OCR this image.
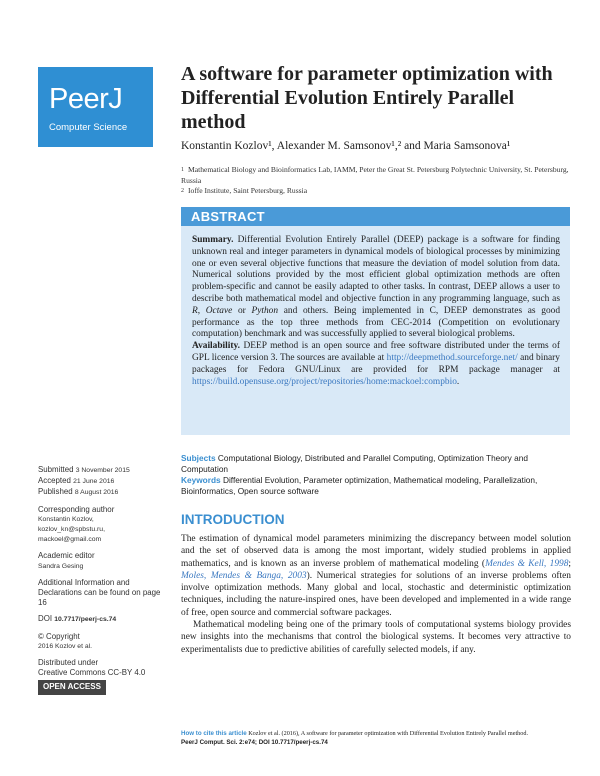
PeerJ
Computer Science
A software for parameter optimization with Differential Evolution Entirely Parallel method
Konstantin Kozlov¹, Alexander M. Samsonov¹,² and Maria Samsonova¹
$^1$ Mathematical Biology and Bioinformatics Lab, IAMM, Peter the Great St. Petersburg Polytechnic University, St. Petersburg, Russia
$^2$ Ioffe Institute, Saint Petersburg, Russia
ABSTRACT

Summary. Differential Evolution Entirely Parallel (DEEP) package is a software for finding unknown real and integer parameters in dynamical models of biological processes by minimizing one or even several objective functions that measure the deviation of model solution from data. Numerical solutions provided by the most efficient global optimization methods are often problem-specific and cannot be easily adapted to other tasks. In contrast, DEEP allows a user to describe both mathematical model and objective function in any programming language, such as R, Octave or Python and others. Being implemented in C, DEEP demonstrates as good performance as the top three methods from CEC-2014 (Competition on evolutionary computation) benchmark and was successfully applied to several biological problems.

Availability. DEEP method is an open source and free software distributed under the terms of GPL licence version 3. The sources are available at http://deepmethod.sourceforge.net/ and binary packages for Fedora GNU/Linux are provided for RPM package manager at https://build.opensuse.org/project/repositories/home:mackoel:compbio.

Subjects Computational Biology, Distributed and Parallel Computing, Optimization Theory and Computation
Keywords Differential Evolution, Parameter optimization, Mathematical modeling, Parallelization, Bioinformatics, Open source software
Submitted 3 November 2015
Accepted 21 June 2016
Published 8 August 2016
Corresponding author
Konstantin Kozlov,
kozlov_kn@spbstu.ru,
mackoel@gmail.com
Academic editor
Sandra Gesing
Additional Information and Declarations can be found on page 16
DOI 10.7717/peerj-cs.74
© Copyright
2016 Kozlov et al.
Distributed under
Creative Commons CC-BY 4.0
OPEN ACCESS
INTRODUCTION

The estimation of dynamical model parameters minimizing the discrepancy between model solution and the set of observed data is among the most important, widely studied problems in applied mathematics, and is known as an inverse problem of mathematical modeling (Mendes & Kell, 1998; Moles, Mendes & Banga, 2003). Numerical strategies for solutions of an inverse problems often involve optimization methods. Many global and local, stochastic and deterministic optimization techniques, including the nature-inspired ones, have been developed and implemented in a wide range of free, open source and commercial software packages.

Mathematical modeling being one of the primary tools of computational systems biology provides new insights into the mechanisms that control the biological systems. It becomes very attractive to experimentalists due to predictive abilities of carefully selected models, if any.

How to cite this article Kozlov et al. (2016), A software for parameter optimization with Differential Evolution Entirely Parallel method.
PeerJ Comput. Sci. 2:e74; DOI 10.7717/peerj-cs.74
